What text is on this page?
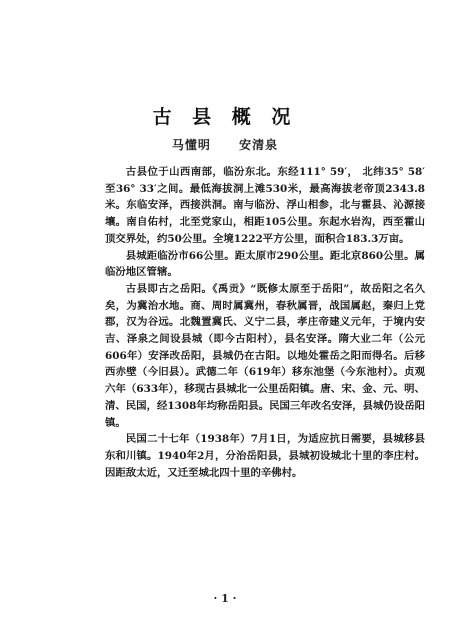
古 县 概 况
马懂明 安清泉

古县位于山西南部，临汾东北。东经111° 59′， 北纬35° 58′至36° 33′之间。最低海拔洞上滩530米，最高海拔老帝顶2343.8米。东临安泽，西接洪洞。南与临汾、浮山相参，北与霍县、沁源接壤。南自佑村，北至党家山，相距105公里。东起水岩沟，西至霍山顶交界处，约50公里。全境1222平方公里，面积合183.3万亩。

县城距临汾市66公里。距太原市290公里。距北京860公里。属临汾地区管辖。

古县即古之岳阳。《禹贡》“既修太原至于岳阳”，故岳阳之名久矣，为冀治水地。商、周时属冀州，春秋属晋，战国属赵，秦归上党郡，汉为谷远。北魏置冀氏、义宁二县，孝庄帝建义元年，于境内安吉、泽泉之间设县城（即今古阳村），县名安泽。隋大业二年（公元606年）安泽改岳阳，县城仍在古阳。以地处霍岳之阳而得名。后移西赤壁（今旧县）。武德二年（619年）移东池堡（今东池村）。贞观六年（633年），移现古县城北一公里岳阳镇。唐、宋、金、元、明、清、民国，经1308年均称岳阳县。民国三年改名安泽，县城仍设岳阳镇。

民国二十七年（1938年）7月1日，为适应抗日需要，县城移县东和川镇。1940年2月，分治岳阳县，县城初设城北十里的李庄村。因距敌太近，又迁至城北四十里的辛佛村。

· 1 ·
